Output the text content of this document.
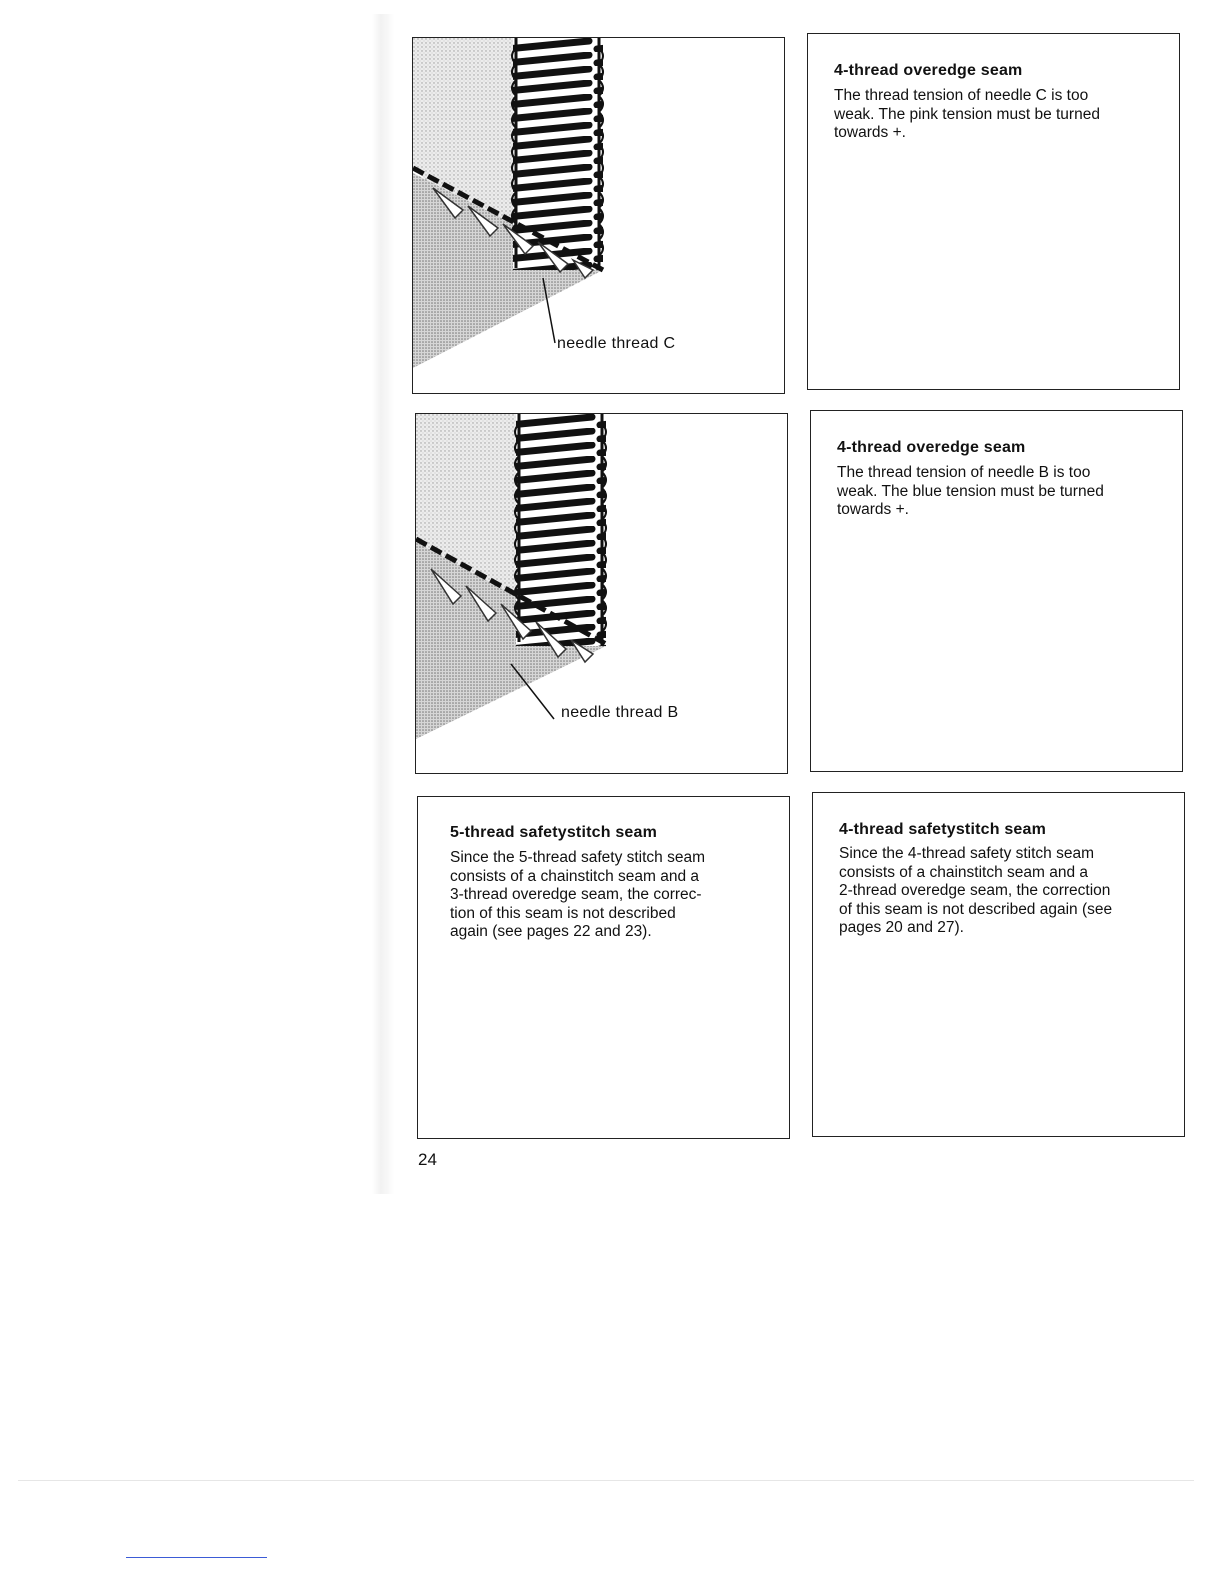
needle thread C
4-thread overedge seam
The thread tension of needle C is too
weak. The pink tension must be turned
towards +.
needle thread B
4-thread overedge seam
The thread tension of needle B is too
weak. The blue tension must be turned
towards +.
5-thread safetystitch seam
Since the 5-thread safety stitch seam
consists of a chainstitch seam and a
3-thread overedge seam, the correc-
tion of this seam is not described
again (see pages 22 and 23).
4-thread safetystitch seam
Since the 4-thread safety stitch seam
consists of a chainstitch seam and a
2-thread overedge seam, the correction
of this seam is not described again (see
pages 20 and 27).
24
